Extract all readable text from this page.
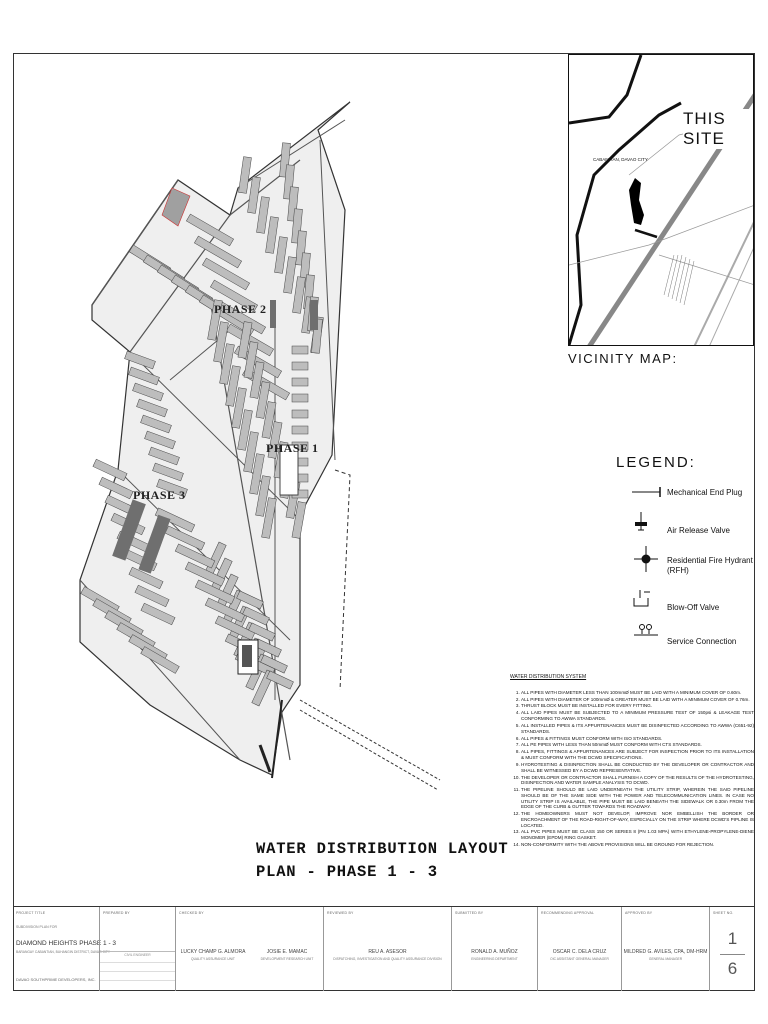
PHASE 2
PHASE 1
PHASE 3
THIS SITE
CABANTIAN, DAVAO CITY
VICINITY MAP:
LEGEND:
Mechanical End Plug
Air Release Valve
Residential Fire Hydrant (RFH)
Blow-Off Valve
Service Connection
WATER DISTRIBUTION SYSTEM
1. ALL PIPES WITH DIAMETER LESS THAN 100mmØ MUST BE LAID WITH A MINIMUM COVER OF 0.60m.
2. ALL PIPES WITH DIAMETER OF 100mmØ & GREATER MUST BE LAID WITH A MINIMUM COVER OF 0.76m.
3. THRUST BLOCK MUST BE INSTALLED FOR EVERY FITTING.
4. ALL LAID PIPES MUST BE SUBJECTED TO A MINIMUM PRESSURE TEST OF 150psi & LEAKAGE TEST CONFORMING TO AWWA STANDARDS.
5. ALL INSTALLED PIPES & ITS APPURTENANCES MUST BE DISINFECTED ACCORDING TO AWWA (C651-92) STANDARDS.
6. ALL PIPES & FITTINGS MUST CONFORM WITH ISO STANDARDS.
7. ALL PE PIPES WITH LESS THAN 50mmØ MUST CONFORM WITH CTS STANDARDS.
8. ALL PIPES, FITTINGS & APPURTENANCES ARE SUBJECT FOR INSPECTION PRIOR TO ITS INSTALLATION & MUST CONFORM WITH THE DCWD SPECIFICATIONS.
9. HYDROTESTING & DISINFECTION SHALL BE CONDUCTED BY THE DEVELOPER OR CONTRACTOR AND SHALL BE WITNESSED BY A DCWD REPRESENTATIVE.
10. THE DEVELOPER OR CONTRACTOR SHALL FURNISH A COPY OF THE RESULTS OF THE HYDROTESTING, DISINFECTION AND WATER SAMPLE ANALYSIS TO DCWD.
11. THE PIPELINE SHOULD BE LAID UNDERNEATH THE UTILITY STRIP, WHEREIN THE SAID PIPELINE SHOULD BE OF THE SAME SIDE WITH THE POWER AND TELECOMMUNICATION LINES. IN CASE NO UTILITY STRIP IS AVAILABLE, THE PIPE MUST BE LAID BENEATH THE SIDEWALK OR 0.30m FROM THE EDGE OF THE CURB & GUTTER TOWARDS THE ROADWAY.
12. THE HOMEOWNERS MUST NOT DEVELOP, IMPROVE NOR EMBELLISH THE BORDER OR ENCROACHMENT OF THE ROAD-RIGHT-OF-WAY, ESPECIALLY ON THE STRIP WHERE DCWD'S PIPLINE IS LOCATED.
13. ALL PVC PIPES MUST BE CLASS 150 OR SERIES 8 (PN 1.03 MPA) WITH ETHYLENE-PROPYLENE-DIENE MONOMER (EPDM) RING GASKET.
14. NON-CONFORMITY WITH THE ABOVE PROVISIONS WILL BE GROUND FOR REJECTION.
WATER DISTRIBUTION LAYOUT
PLAN - PHASE 1 - 3
PROJECT TITLE
SUBDIVISION PLAN FOR
DIAMOND HEIGHTS PHASE 1 - 3
BARANGAY CABANTIAN, BUHANGIN DISTRICT, DAVAO CITY
DAVAO SOUTHPRIME DEVELOPERS, INC.
PREPARED BY
CIVIL ENGINEER
CHECKED BY
LUCKY CHAMP G. ALMORA
QUALITY ASSURANCE UNIT
JOSIE E. MAMAC
DEVELOPMENT RESEARCH UNIT
REVIEWED BY
REU A. ASESOR
DISPATCHING, INVESTIGATION AND QUALITY ASSURANCE DIVISION
SUBMITTED BY
RONALD A. MUÑOZ
ENGINEERING DEPARTMENT
RECOMMENDING APPROVAL
OSCAR C. DELA CRUZ
OIC ASSISTANT GENERAL MANAGER
APPROVED BY
MILDRED G. AVILES, CPA, DM-HRM
GENERAL MANAGER
SHEET NO.
1
6
